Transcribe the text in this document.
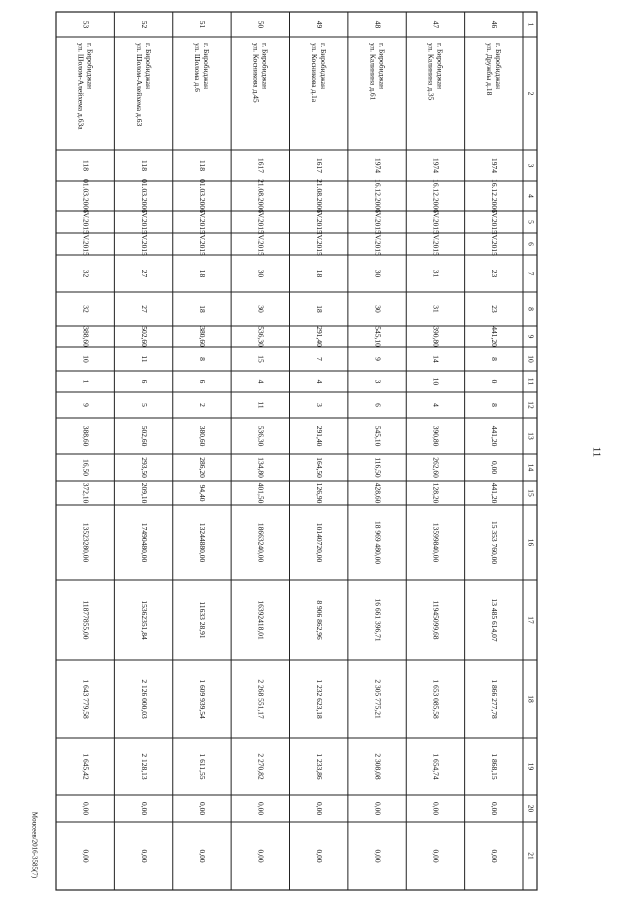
1
2
3
4
5
6
7
8
9
10
11
12
13
14
15
16
17
18
19
20
21
46
г. Биробиджан
ул. Дружбы д.18
1974
16.12.2006
IV.2015
IV.2015
23
23
441,20
8
0
8
441,20
0,00
441,20
15 353 760,00
13 485 614,07
1 866 277,78
1 868,15
0,00
0,00
47
г. Биробиджан
ул. Калинина д.35
1974
16.12.2006
IV.2015
IV.2015
31
31
390,80
14
10
4
390,80
262,60
128,20
13599840,00
11945099,68
1 653 085,58
1 654,74
0,00
0,00
48
г. Биробиджан
ул. Калинина д.61
1974
16.12.2006
IV.2015
IV.2015
30
30
545,10
9
3
6
545,10
116,50
428,60
18 969 480,00
16 661 396,71
2 305 775,21
2 308,08
0,00
0,00
49
г. Биробиджан
ул. Косникова д.1а
1617
21.08.2006
IV.2015
IV.2015
18
18
291,40
7
4
3
291,40
164,50
126,90
10140720,00
8 906 862,96
1 232 623,18
1 233,86
0,00
0,00
50
г. Биробиджан
ул. Косникова д.45
1617
21.08.2006
IV.2015
IV.2015
30
30
536,30
15
4
11
536,30
134,80
401,50
18663240,00
16392418,01
2 268 551,17
2 270,82
0,00
0,00
51
г. Биробиджан
ул. Шолома д.6
118
01.03.2006
IV.2015
IV.2015
18
18
380,60
8
6
2
380,60
286,20
94,40
13244880,00
11633 28,91
1 609 939,54
1 611,55
0,00
0,00
52
г. Биробиджан
ул. Шолом-Алейхема д.63
118
01.03.2006
IV.2015
IV.2015
27
27
502,60
11
6
5
502,60
293,50
209,10
17490480,00
15362351,84
2 126 000,03
2 128,13
0,00
0,00
53
г. Биробиджан
ул. Шолом-Алейхема д.63а
118
01.03.2006
IV.2015
IV.2015
32
32
388,60
10
1
9
388,60
16,50
372,10
13523280,00
11877855,00
1 643 779,58
1 645,42
0,00
0,00
11
Mouceeв/2016-3585(7)
